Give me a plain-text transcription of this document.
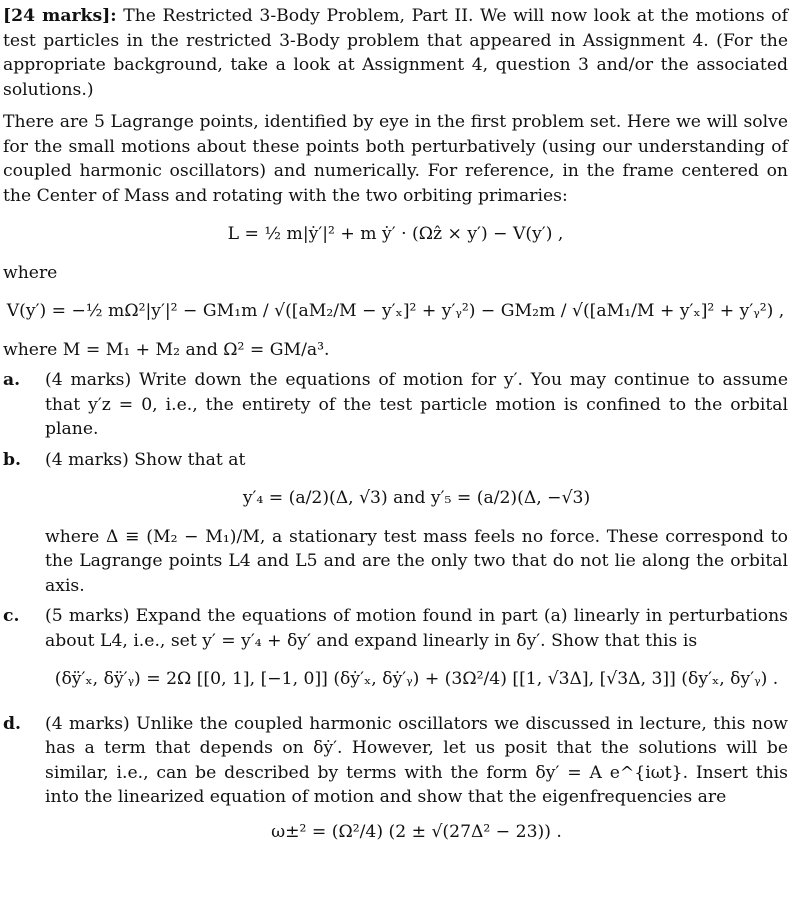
[24 marks]: The Restricted 3-Body Problem, Part II. We will now look at the motions of test particles in the restricted 3-Body problem that appeared in Assignment 4. (For the appropriate background, take a look at Assignment 4, question 3 and/or the associated solutions.)

There are 5 Lagrange points, identified by eye in the first problem set. Here we will solve for the small motions about these points both perturbatively (using our understanding of coupled harmonic oscillators) and numerically. For reference, in the frame centered on the Center of Mass and rotating with the two orbiting primaries:

L = ½ m|ẏ′|² + m ẏ′ · (Ωẑ × y′) − V(y′) ,

where

V(y′) = −½ mΩ²|y′|² − GM₁m / √([aM₂/M − y′ₓ]² + y′ᵧ²) − GM₂m / √([aM₁/M + y′ₓ]² + y′ᵧ²) ,

where M = M₁ + M₂ and Ω² = GM/a³.

a.	(4 marks) Write down the equations of motion for y′. You may continue to assume that y′z = 0, i.e., the entirety of the test particle motion is confined to the orbital plane.
b.	(4 marks) Show that at
y′₄ = (a/2)(Δ, √3) and y′₅ = (a/2)(Δ, −√3)
where Δ ≡ (M₂ − M₁)/M, a stationary test mass feels no force. These correspond to the Lagrange points L4 and L5 and are the only two that do not lie along the orbital axis.
c.	(5 marks) Expand the equations of motion found in part (a) linearly in perturbations about L4, i.e., set y′ = y′₄ + δy′ and expand linearly in δy′. Show that this is
(δÿ′ₓ, δÿ′ᵧ) = 2Ω [[0, 1], [−1, 0]] (δẏ′ₓ, δẏ′ᵧ) + (3Ω²/4) [[1, √3Δ], [√3Δ, 3]] (δy′ₓ, δy′ᵧ) .
d.	(4 marks) Unlike the coupled harmonic oscillators we discussed in lecture, this now has a term that depends on δẏ′. However, let us posit that the solutions will be similar, i.e., can be described by terms with the form δy′ = A e^{iωt}. Insert this into the linearized equation of motion and show that the eigenfrequencies are
ω±² = (Ω²/4) (2 ± √(27Δ² − 23)) .
